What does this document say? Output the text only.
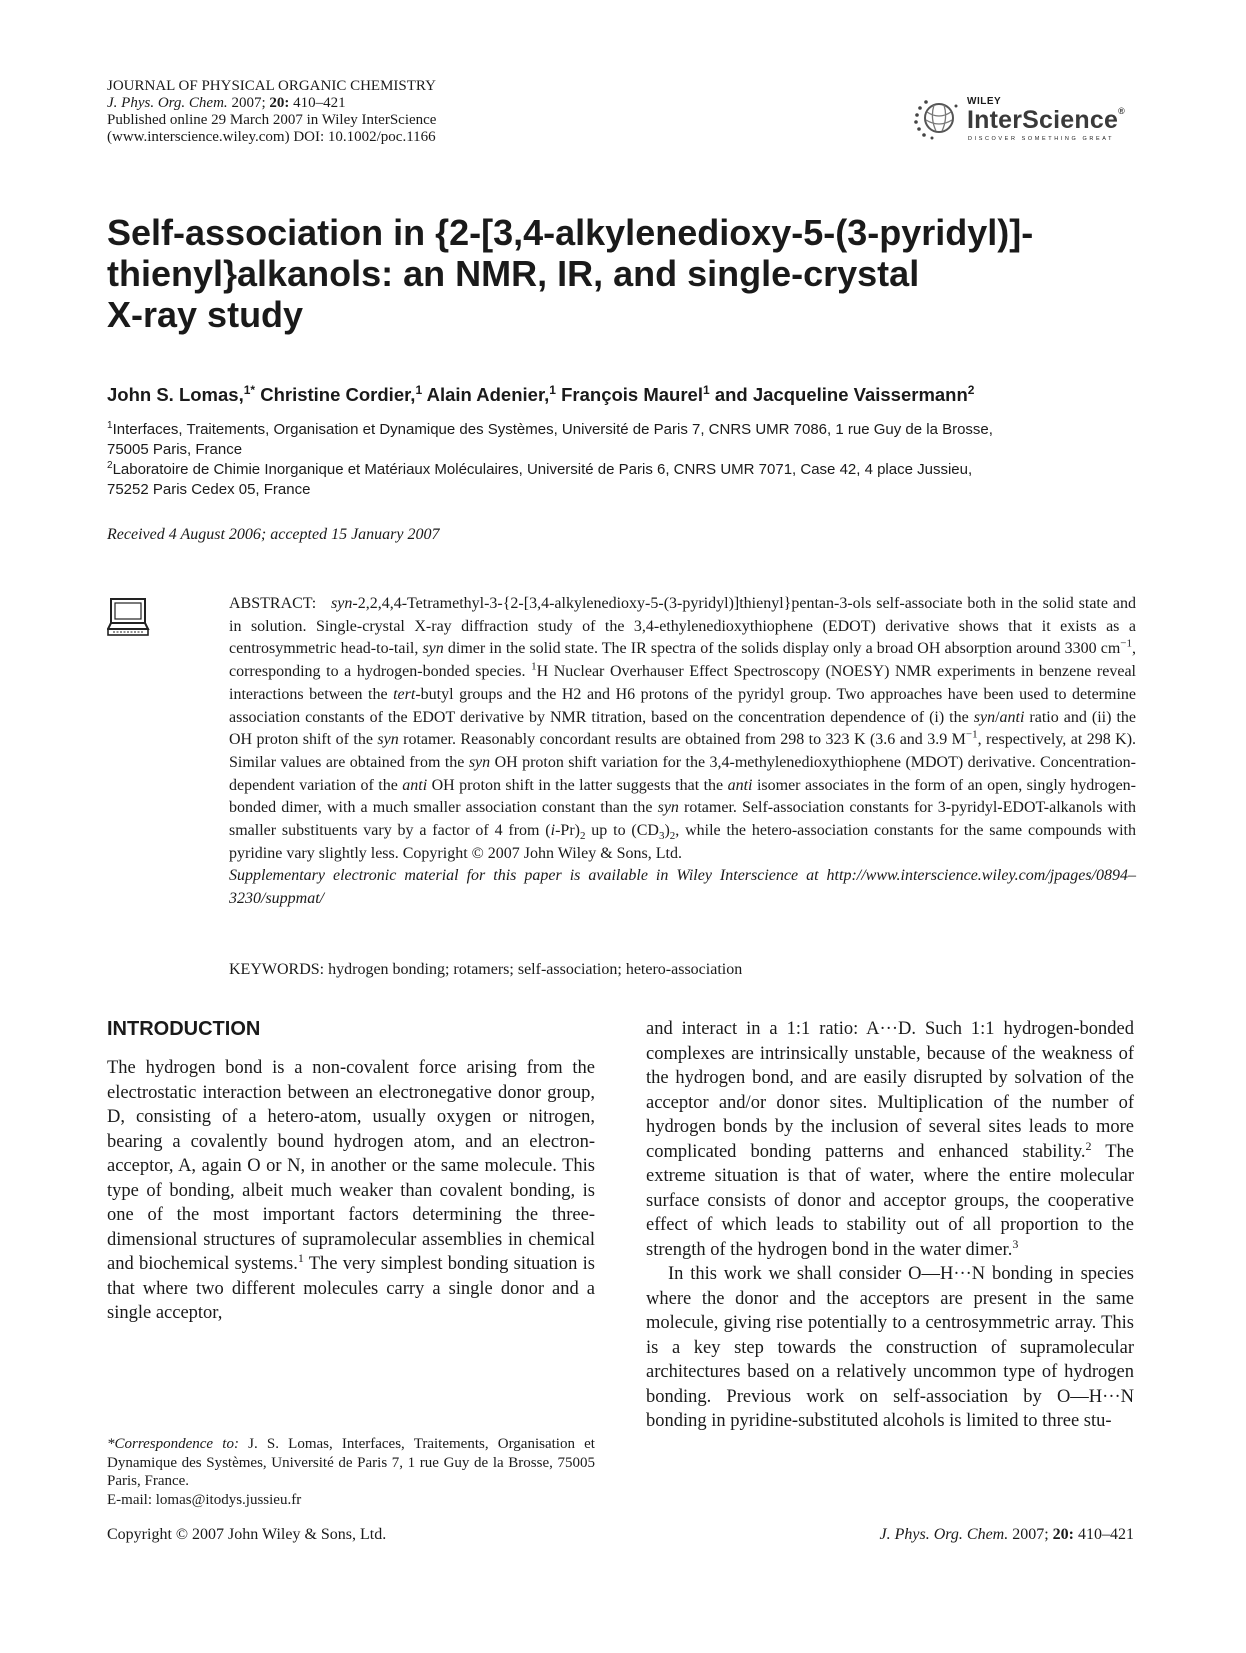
JOURNAL OF PHYSICAL ORGANIC CHEMISTRY
J. Phys. Org. Chem. 2007; 20: 410–421
Published online 29 March 2007 in Wiley InterScience
(www.interscience.wiley.com) DOI: 10.1002/poc.1166
WILEY
InterScience®
DISCOVER SOMETHING GREAT
Self-association in {2-[3,4-alkylenedioxy-5-(3-pyridyl)]-
thienyl}alkanols: an NMR, IR, and single-crystal
X-ray study
John S. Lomas,$^{1*}$ Christine Cordier,$^1$ Alain Adenier,$^1$ François Maurel$^1$ and Jacqueline Vaissermann$^2$
$^1$Interfaces, Traitements, Organisation et Dynamique des Systèmes, Université de Paris 7, CNRS UMR 7086, 1 rue Guy de la Brosse,
75005 Paris, France
$^2$Laboratoire de Chimie Inorganique et Matériaux Moléculaires, Université de Paris 6, CNRS UMR 7071, Case 42, 4 place Jussieu,
75252 Paris Cedex 05, France
Received 4 August 2006; accepted 15 January 2007
ABSTRACT: syn-2,2,4,4-Tetramethyl-3-{2-[3,4-alkylenedioxy-5-(3-pyridyl)]thienyl}pentan-3-ols self-associate both in the solid state and in solution. Single-crystal X-ray diffraction study of the 3,4-ethylenedioxythiophene (EDOT) derivative shows that it exists as a centrosymmetric head-to-tail, syn dimer in the solid state. The IR spectra of the solids display only a broad OH absorption around 3300 $cm^{-1}$, corresponding to a hydrogen-bonded species. $^1$H Nuclear Overhauser Effect Spectroscopy (NOESY) NMR experiments in benzene reveal interactions between the tert-butyl groups and the H2 and H6 protons of the pyridyl group. Two approaches have been used to determine association constants of the EDOT derivative by NMR titration, based on the concentration dependence of (i) the syn/anti ratio and (ii) the OH proton shift of the syn rotamer. Reasonably concordant results are obtained from 298 to 323 K (3.6 and 3.9 $M^{-1}$, respectively, at 298 K). Similar values are obtained from the syn OH proton shift variation for the 3,4-methylenedioxythiophene (MDOT) derivative. Concentration-dependent variation of the anti OH proton shift in the latter suggests that the anti isomer associates in the form of an open, singly hydrogen-bonded dimer, with a much smaller association constant than the syn rotamer. Self-association constants for 3-pyridyl-EDOT-alkanols with smaller substituents vary by a factor of 4 from $(i-Pr)_2$ up to $(CD_3)_2$, while the hetero-association constants for the same compounds with pyridine vary slightly less. Copyright © 2007 John Wiley & Sons, Ltd.
Supplementary electronic material for this paper is available in Wiley Interscience at http://www.interscience.wiley.com/jpages/0894–3230/suppmat/
KEYWORDS: hydrogen bonding; rotamers; self-association; hetero-association
INTRODUCTION
The hydrogen bond is a non-covalent force arising from the electrostatic interaction between an electronegative donor group, D, consisting of a hetero-atom, usually oxygen or nitrogen, bearing a covalently bound hydrogen atom, and an electron-acceptor, A, again O or N, in another or the same molecule. This type of bonding, albeit much weaker than covalent bonding, is one of the most important factors determining the three-dimensional structures of supramolecular assemblies in chemical and biochemical systems.$^1$ The very simplest bonding situation is that where two different molecules carry a single donor and a single acceptor,
and interact in a 1:1 ratio: A···D. Such 1:1 hydrogen-bonded complexes are intrinsically unstable, because of the weakness of the hydrogen bond, and are easily disrupted by solvation of the acceptor and/or donor sites. Multiplication of the number of hydrogen bonds by the inclusion of several sites leads to more complicated bonding patterns and enhanced stability.$^2$ The extreme situation is that of water, where the entire molecular surface consists of donor and acceptor groups, the cooperative effect of which leads to stability out of all proportion to the strength of the hydrogen bond in the water dimer.$^3$
In this work we shall consider O—H···N bonding in species where the donor and the acceptors are present in the same molecule, giving rise potentially to a centrosymmetric array. This is a key step towards the construction of supramolecular architectures based on a relatively uncommon type of hydrogen bonding. Previous work on self-association by O—H···N bonding in pyridine-substituted alcohols is limited to three stu-
*Correspondence to: J. S. Lomas, Interfaces, Traitements, Organisation et Dynamique des Systèmes, Université de Paris 7, 1 rue Guy de la Brosse, 75005 Paris, France.
E-mail: lomas@itodys.jussieu.fr
Copyright © 2007 John Wiley & Sons, Ltd.	J. Phys. Org. Chem. 2007; 20: 410–421
